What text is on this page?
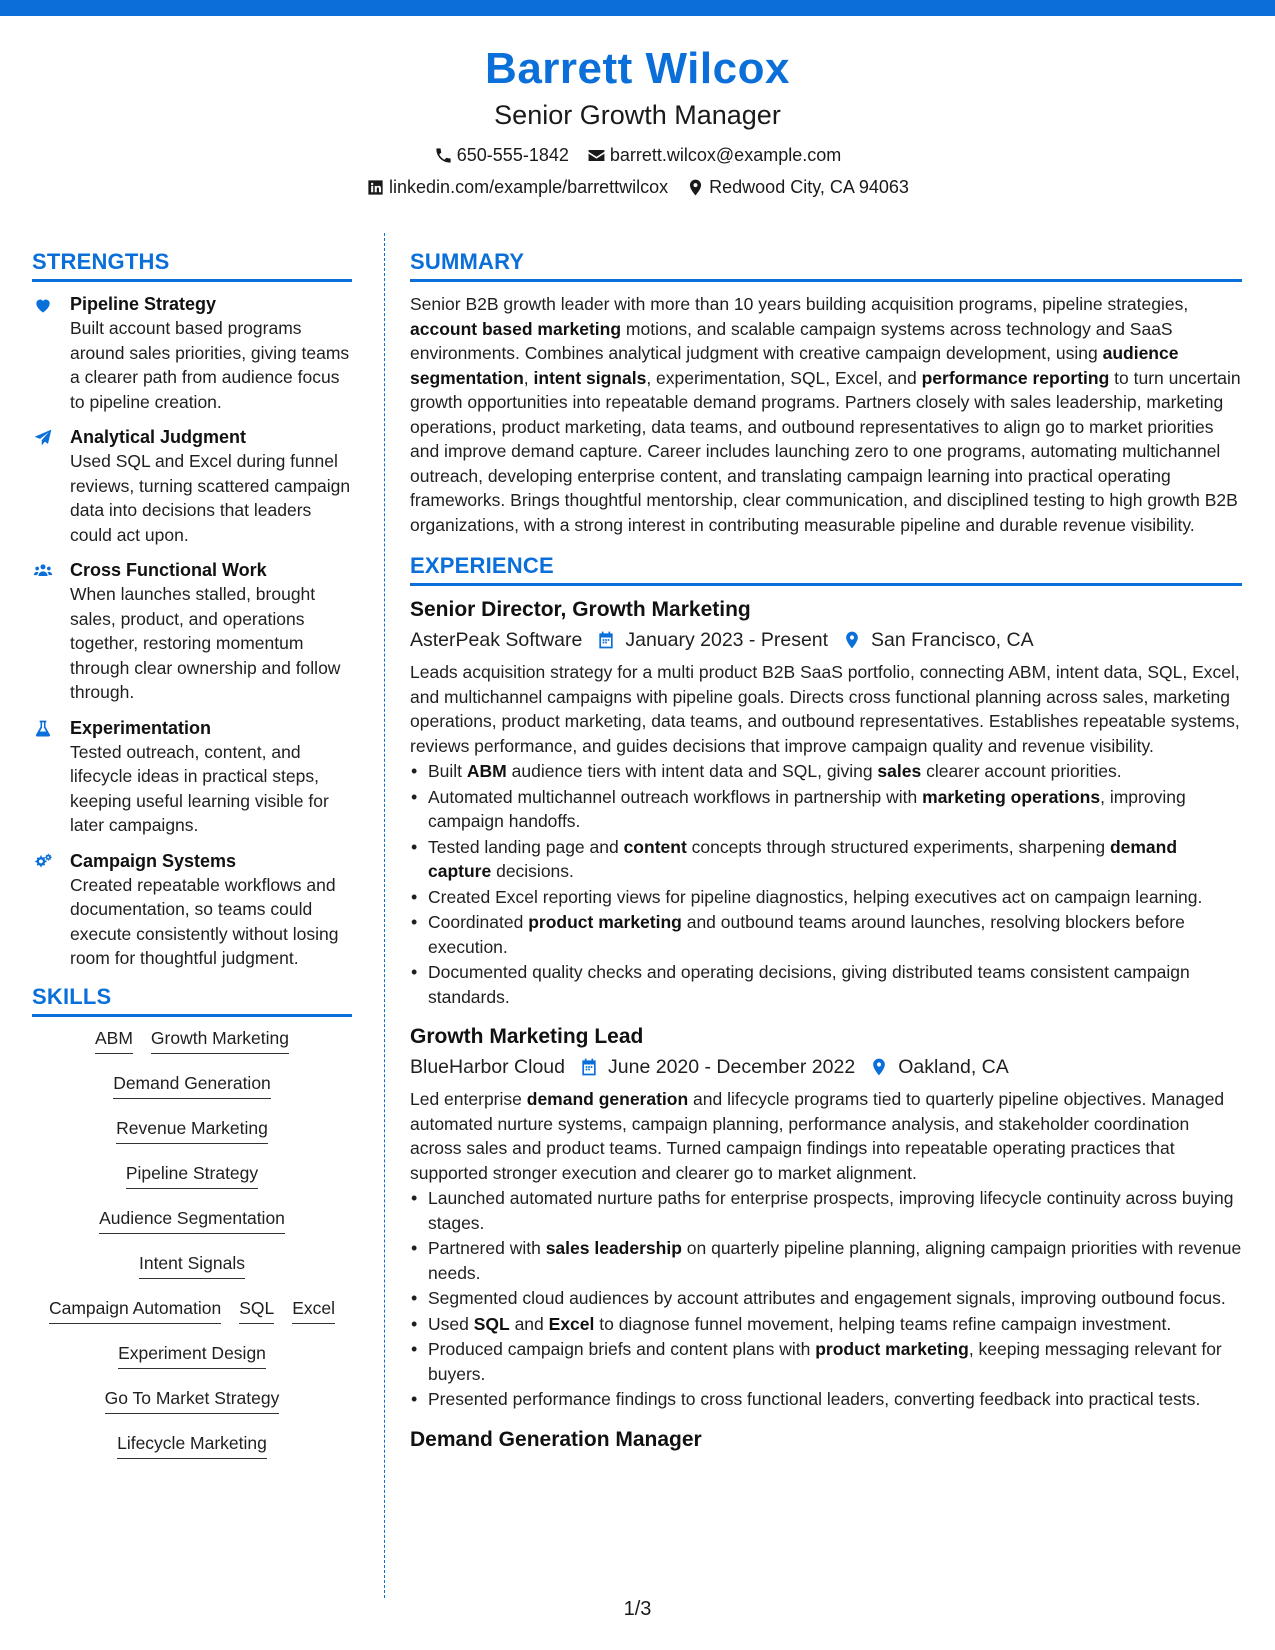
Barrett Wilcox
Senior Growth Manager
650-555-1842 barrett.wilcox@example.com
linkedin.com/example/barrettwilcox Redwood City, CA 94063
STRENGTHS
Pipeline Strategy
Built account based programs around sales priorities, giving teams a clearer path from audience focus to pipeline creation.
Analytical Judgment
Used SQL and Excel during funnel reviews, turning scattered campaign data into decisions that leaders could act upon.
Cross Functional Work
When launches stalled, brought sales, product, and operations together, restoring momentum through clear ownership and follow through.
Experimentation
Tested outreach, content, and lifecycle ideas in practical steps, keeping useful learning visible for later campaigns.
Campaign Systems
Created repeatable workflows and documentation, so teams could execute consistently without losing room for thoughtful judgment.
SKILLS
ABM Growth Marketing
Demand Generation
Revenue Marketing
Pipeline Strategy
Audience Segmentation
Intent Signals
Campaign Automation SQL Excel
Experiment Design
Go To Market Strategy
Lifecycle Marketing
SUMMARY
Senior B2B growth leader with more than 10 years building acquisition programs, pipeline strategies, account based marketing motions, and scalable campaign systems across technology and SaaS environments. Combines analytical judgment with creative campaign development, using audience segmentation, intent signals, experimentation, SQL, Excel, and performance reporting to turn uncertain growth opportunities into repeatable demand programs. Partners closely with sales leadership, marketing operations, product marketing, data teams, and outbound representatives to align go to market priorities and improve demand capture. Career includes launching zero to one programs, automating multichannel outreach, developing enterprise content, and translating campaign learning into practical operating frameworks. Brings thoughtful mentorship, clear communication, and disciplined testing to high growth B2B organizations, with a strong interest in contributing measurable pipeline and durable revenue visibility.
EXPERIENCE
Senior Director, Growth Marketing
AsterPeak Software January 2023 - Present San Francisco, CA
Leads acquisition strategy for a multi product B2B SaaS portfolio, connecting ABM, intent data, SQL, Excel, and multichannel campaigns with pipeline goals. Directs cross functional planning across sales, marketing operations, product marketing, data teams, and outbound representatives. Establishes repeatable systems, reviews performance, and guides decisions that improve campaign quality and revenue visibility.
• Built ABM audience tiers with intent data and SQL, giving sales clearer account priorities.
• Automated multichannel outreach workflows in partnership with marketing operations, improving campaign handoffs.
• Tested landing page and content concepts through structured experiments, sharpening demand capture decisions.
• Created Excel reporting views for pipeline diagnostics, helping executives act on campaign learning.
• Coordinated product marketing and outbound teams around launches, resolving blockers before execution.
• Documented quality checks and operating decisions, giving distributed teams consistent campaign standards.
Growth Marketing Lead
BlueHarbor Cloud June 2020 - December 2022 Oakland, CA
Led enterprise demand generation and lifecycle programs tied to quarterly pipeline objectives. Managed automated nurture systems, campaign planning, performance analysis, and stakeholder coordination across sales and product teams. Turned campaign findings into repeatable operating practices that supported stronger execution and clearer go to market alignment.
• Launched automated nurture paths for enterprise prospects, improving lifecycle continuity across buying stages.
• Partnered with sales leadership on quarterly pipeline planning, aligning campaign priorities with revenue needs.
• Segmented cloud audiences by account attributes and engagement signals, improving outbound focus.
• Used SQL and Excel to diagnose funnel movement, helping teams refine campaign investment.
• Produced campaign briefs and content plans with product marketing, keeping messaging relevant for buyers.
• Presented performance findings to cross functional leaders, converting feedback into practical tests.
Demand Generation Manager
1/3
